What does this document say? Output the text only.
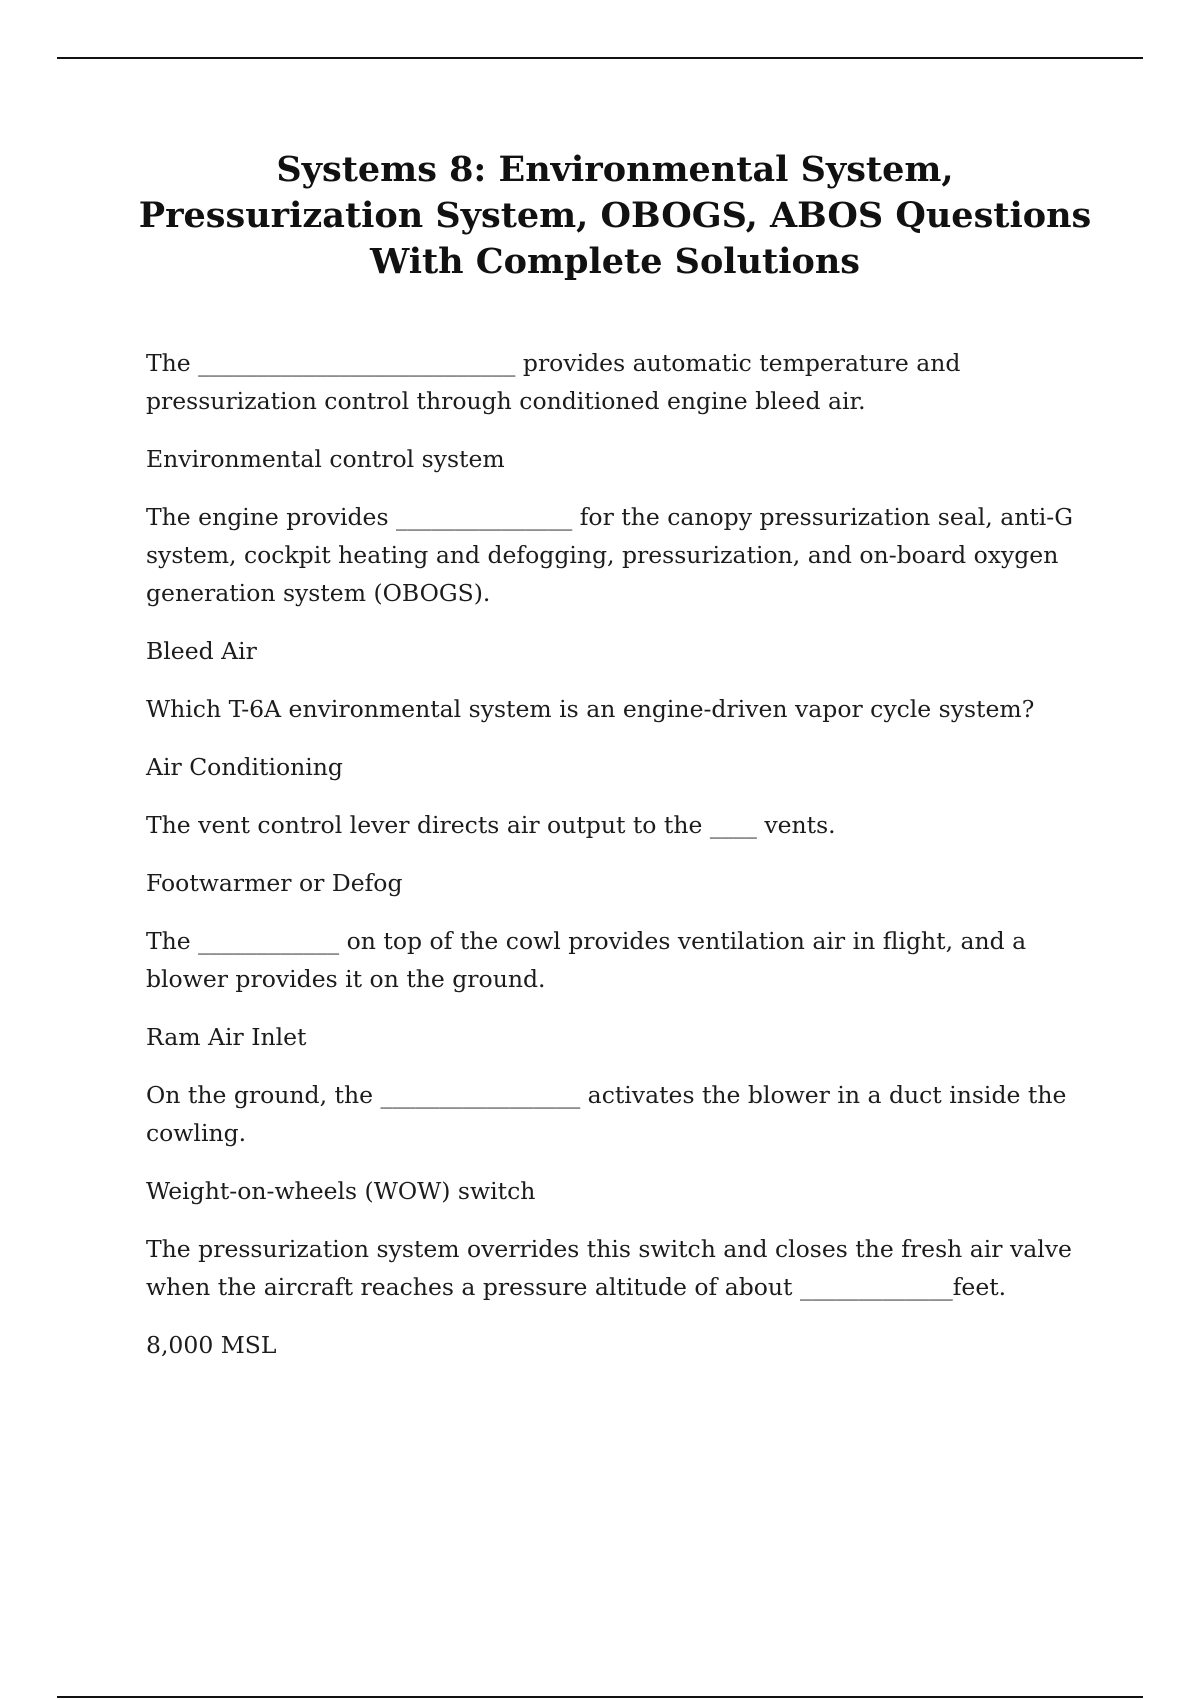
Systems 8: Environmental System, Pressurization System, OBOGS, ABOS Questions With Complete Solutions

The ___________________________ provides automatic temperature and pressurization control through conditioned engine bleed air.

Environmental control system

The engine provides _______________ for the canopy pressurization seal, anti-G system, cockpit heating and defogging, pressurization, and on-board oxygen generation system (OBOGS).

Bleed Air

Which T-6A environmental system is an engine-driven vapor cycle system?

Air Conditioning

The vent control lever directs air output to the ____ vents.

Footwarmer or Defog

The ____________ on top of the cowl provides ventilation air in flight, and a blower provides it on the ground.

Ram Air Inlet

On the ground, the _________________ activates the blower in a duct inside the cowling.

Weight-on-wheels (WOW) switch

The pressurization system overrides this switch and closes the fresh air valve when the aircraft reaches a pressure altitude of about _____________feet.

8,000 MSL
